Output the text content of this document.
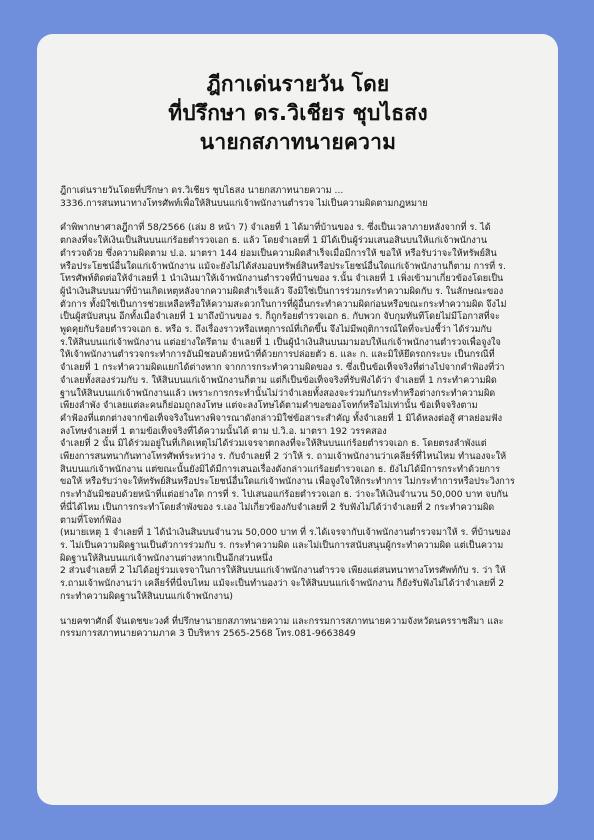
ฎีกาเด่นรายวัน โดย
ที่ปรึกษา ดร.วิเชียร ชุบไธสง
นายกสภาทนายความ

ฎีกาเด่นรายวันโดยที่ปรึกษา ดร.วิเชียร ชุบไธสง นายกสภาทนายความ ...

3336.การสนทนาทางโทรศัพท์เพื่อให้สินบนแก่เจ้าพนักงานตำรวจ ไม่เป็นความผิดตามกฎหมาย

คำพิพากษาศาลฎีกาที่ 58/2566 (เล่ม 8 หน้า 7) จำเลยที่ 1 ได้มาที่บ้านของ ร. ซึ่งเป็นเวลาภายหลังจากที่ ร. ได้
ตกลงที่จะให้เงินเป็นสินบนแก่ร้อยตำรวจเอก ธ. แล้ว โดยจำเลยที่ 1 มิได้เป็นผู้ร่วมเสนอสินบนให้แก่เจ้าพนักงาน
ตำรวจด้วย ซึ่งความผิดตาม ป.อ. มาตรา 144 ย่อมเป็นความผิดสำเร็จเมื่อมีการให้ ขอให้ หรือรับว่าจะให้ทรัพย์สิน
หรือประโยชน์อื่นใดแก่เจ้าพนักงาน แม้จะยังไม่ได้ส่งมอบทรัพย์สินหรือประโยชน์อื่นใดแก่เจ้าพนักงานก็ตาม การที่ ร.
โทรศัพท์ติดต่อให้จำเลยที่ 1 นำเงินมาให้เจ้าพนักงานตำรวจที่บ้านของ ร.นั้น จำเลยที่ 1 เพิ่งเข้ามาเกี่ยวข้องโดยเป็น
ผู้นำเงินสินบนมาที่บ้านเกิดเหตุหลังจากความผิดสำเร็จแล้ว จึงมิใช่เป็นการร่วมกระทำความผิดกับ ร. ในลักษณะของ
ตัวการ ทั้งมิใช่เป็นการช่วยเหลือหรือให้ความสะดวกในการที่ผู้อื่นกระทำความผิดก่อนหรือขณะกระทำความผิด จึงไม่
เป็นผู้สนับสนุน อีกทั้งเมื่อจำเลยที่ 1 มาถึงบ้านของ ร. ก็ถูกร้อยตำรวจเอก ธ. กับพวก จับกุมทันทีโดยไม่มีโอกาสที่จะ
พูดคุยกับร้อยตำรวจเอก ธ. หรือ ร. ถึงเรื่องราวหรือเหตุการณ์ที่เกิดขึ้น จึงไม่มีพฤติการณ์ใดที่จะบ่งชี้ว่า ได้ร่วมกับ
ร.ให้สินบนแก่เจ้าพนักงาน แต่อย่างใดรึตาม จำเลยที่ 1 เป็นผู้นำเงินสินบนมามอบให้แก่เจ้าพนักงานตำรวจเพื่อจูงใจ
ให้เจ้าพนักงานตำรวจกระทำการอันมิชอบด้วยหน้าที่ด้วยการปล่อยตัว ธ. และ ก. และมิให้ยึดรถกระบะ เป็นกรณีที่
จำเลยที่ 1 กระทำความผิดแยกได้ต่างหาก จากการกระทำความผิดของ ร. ซึ่งเป็นข้อเท็จจริงที่ต่างไปจากคำฟ้องที่ว่า
จำเลยทั้งสองร่วมกับ ร. ให้สินบนแก่เจ้าพนักงานก็ตาม แต่ก็เป็นข้อเท็จจริงที่รับฟังได้ว่า จำเลยที่ 1 กระทำความผิด
ฐานให้สินบนแก่เจ้าพนักงานแล้ว เพราะการกระทำนั้นไม่ว่าจำเลยทั้งสองจะร่วมกันกระทำหรือต่างกระทำความผิด
เพียงลำพัง จำเลยแต่ละคนก็ย่อมถูกลงโทษ แต่จะลงโทษได้ตามคำขอของโจทก์หรือไม่เท่านั้น ข้อเท็จจริงตาม
คำฟ้องที่แตกต่างจากข้อเท็จจริงในทางพิจารณาดังกล่าวมิใช่ข้อสาระสำคัญ ทั้งจำเลยที่ 1 มิได้หลงต่อสู้ ศาลย่อมฟัง
ลงโทษจำเลยที่ 1 ตามข้อเท็จจริงที่ได้ความนั้นได้ ตาม ป.วิ.อ. มาตรา 192 วรรคสอง
จำเลยที่ 2 นั้น มิได้ร่วมอยู่ในที่เกิดเหตุไม่ได้ร่วมเจรจาตกลงที่จะให้สินบนแก่ร้อยตำรวจเอก ธ. โดยตรงลำพังแต่
เพียงการสนทนากันทางโทรศัพท์ระหว่าง ร. กับจำเลยที่ 2 ว่าให้ ร. ถามเจ้าพนักงานว่าเคลียร์ที่ไหนไหม ทำนองจะให้
สินบนแก่เจ้าพนักงาน แต่ขณะนั้นยังมิได้มีการเสนอเรื่องดังกล่าวแก่ร้อยตำรวจเอก ธ. ยังไม่ได้มีการกระทำด้วยการ
ขอให้ หรือรับว่าจะให้ทรัพย์สินหรือประโยชน์อื่นใดแก่เจ้าพนักงาน เพื่อจูงใจให้กระทำการ ไม่กระทำการหรือประวิงการ
กระทำอันมิชอบด้วยหน้าที่แต่อย่างใด การที่ ร. ไปเสนอแก่ร้อยตำรวจเอก ธ. ว่าจะให้เงินจำนวน 50,000 บาท จบกัน
ที่นี่ได้ไหม เป็นการกระทำโดยลำพังของ ร.เอง ไม่เกี่ยวข้องกับจำเลยที่ 2 รับฟังไม่ได้ว่าจำเลยที่ 2 กระทำความผิด
ตามที่โจทก์ฟ้อง
(หมายเหตุ 1 จำเลยที่ 1 ได้นำเงินสินบนจำนวน 50,000 บาท ที่ ร.ได้เจรจากับเจ้าพนักงานตำรวจมาให้ ร. ที่บ้านของ
ร. ไม่เป็นความผิดฐานเป็นตัวการร่วมกับ ร. กระทำความผิด และไม่เป็นการสนับสนุนผู้กระทำความผิด แต่เป็นความ
ผิดฐานให้สินบนแก่เจ้าพนักงานต่างหากเป็นอีกส่วนหนึ่ง
2 ส่วนจำเลยที่ 2 ไม่ได้อยู่ร่วมเจรจาในการให้สินบนแก่เจ้าพนักงานตำรวจ เพียงแต่สนทนาทางโทรศัพท์กับ ร. ว่า ให้
ร.ถามเจ้าพนักงานว่า เคลียร์ที่นี่จบไหม แม้จะเป็นทำนองว่า จะให้สินบนแก่เจ้าพนักงาน ก็ยังรับฟังไม่ได้ว่าจำเลยที่ 2
กระทำความผิดฐานให้สินบนแก่เจ้าพนักงาน)

นายคฑาศักดิ์ จันเดชขะวงศ์ ที่ปรึกษานายกสภาทนายความ และกรรมการสภาทนายความจังหวัดนครราชสีมา และ
กรรมการสภาทนายความภาค 3 ปีบริหาร 2565-2568 โทร.081-9663849
